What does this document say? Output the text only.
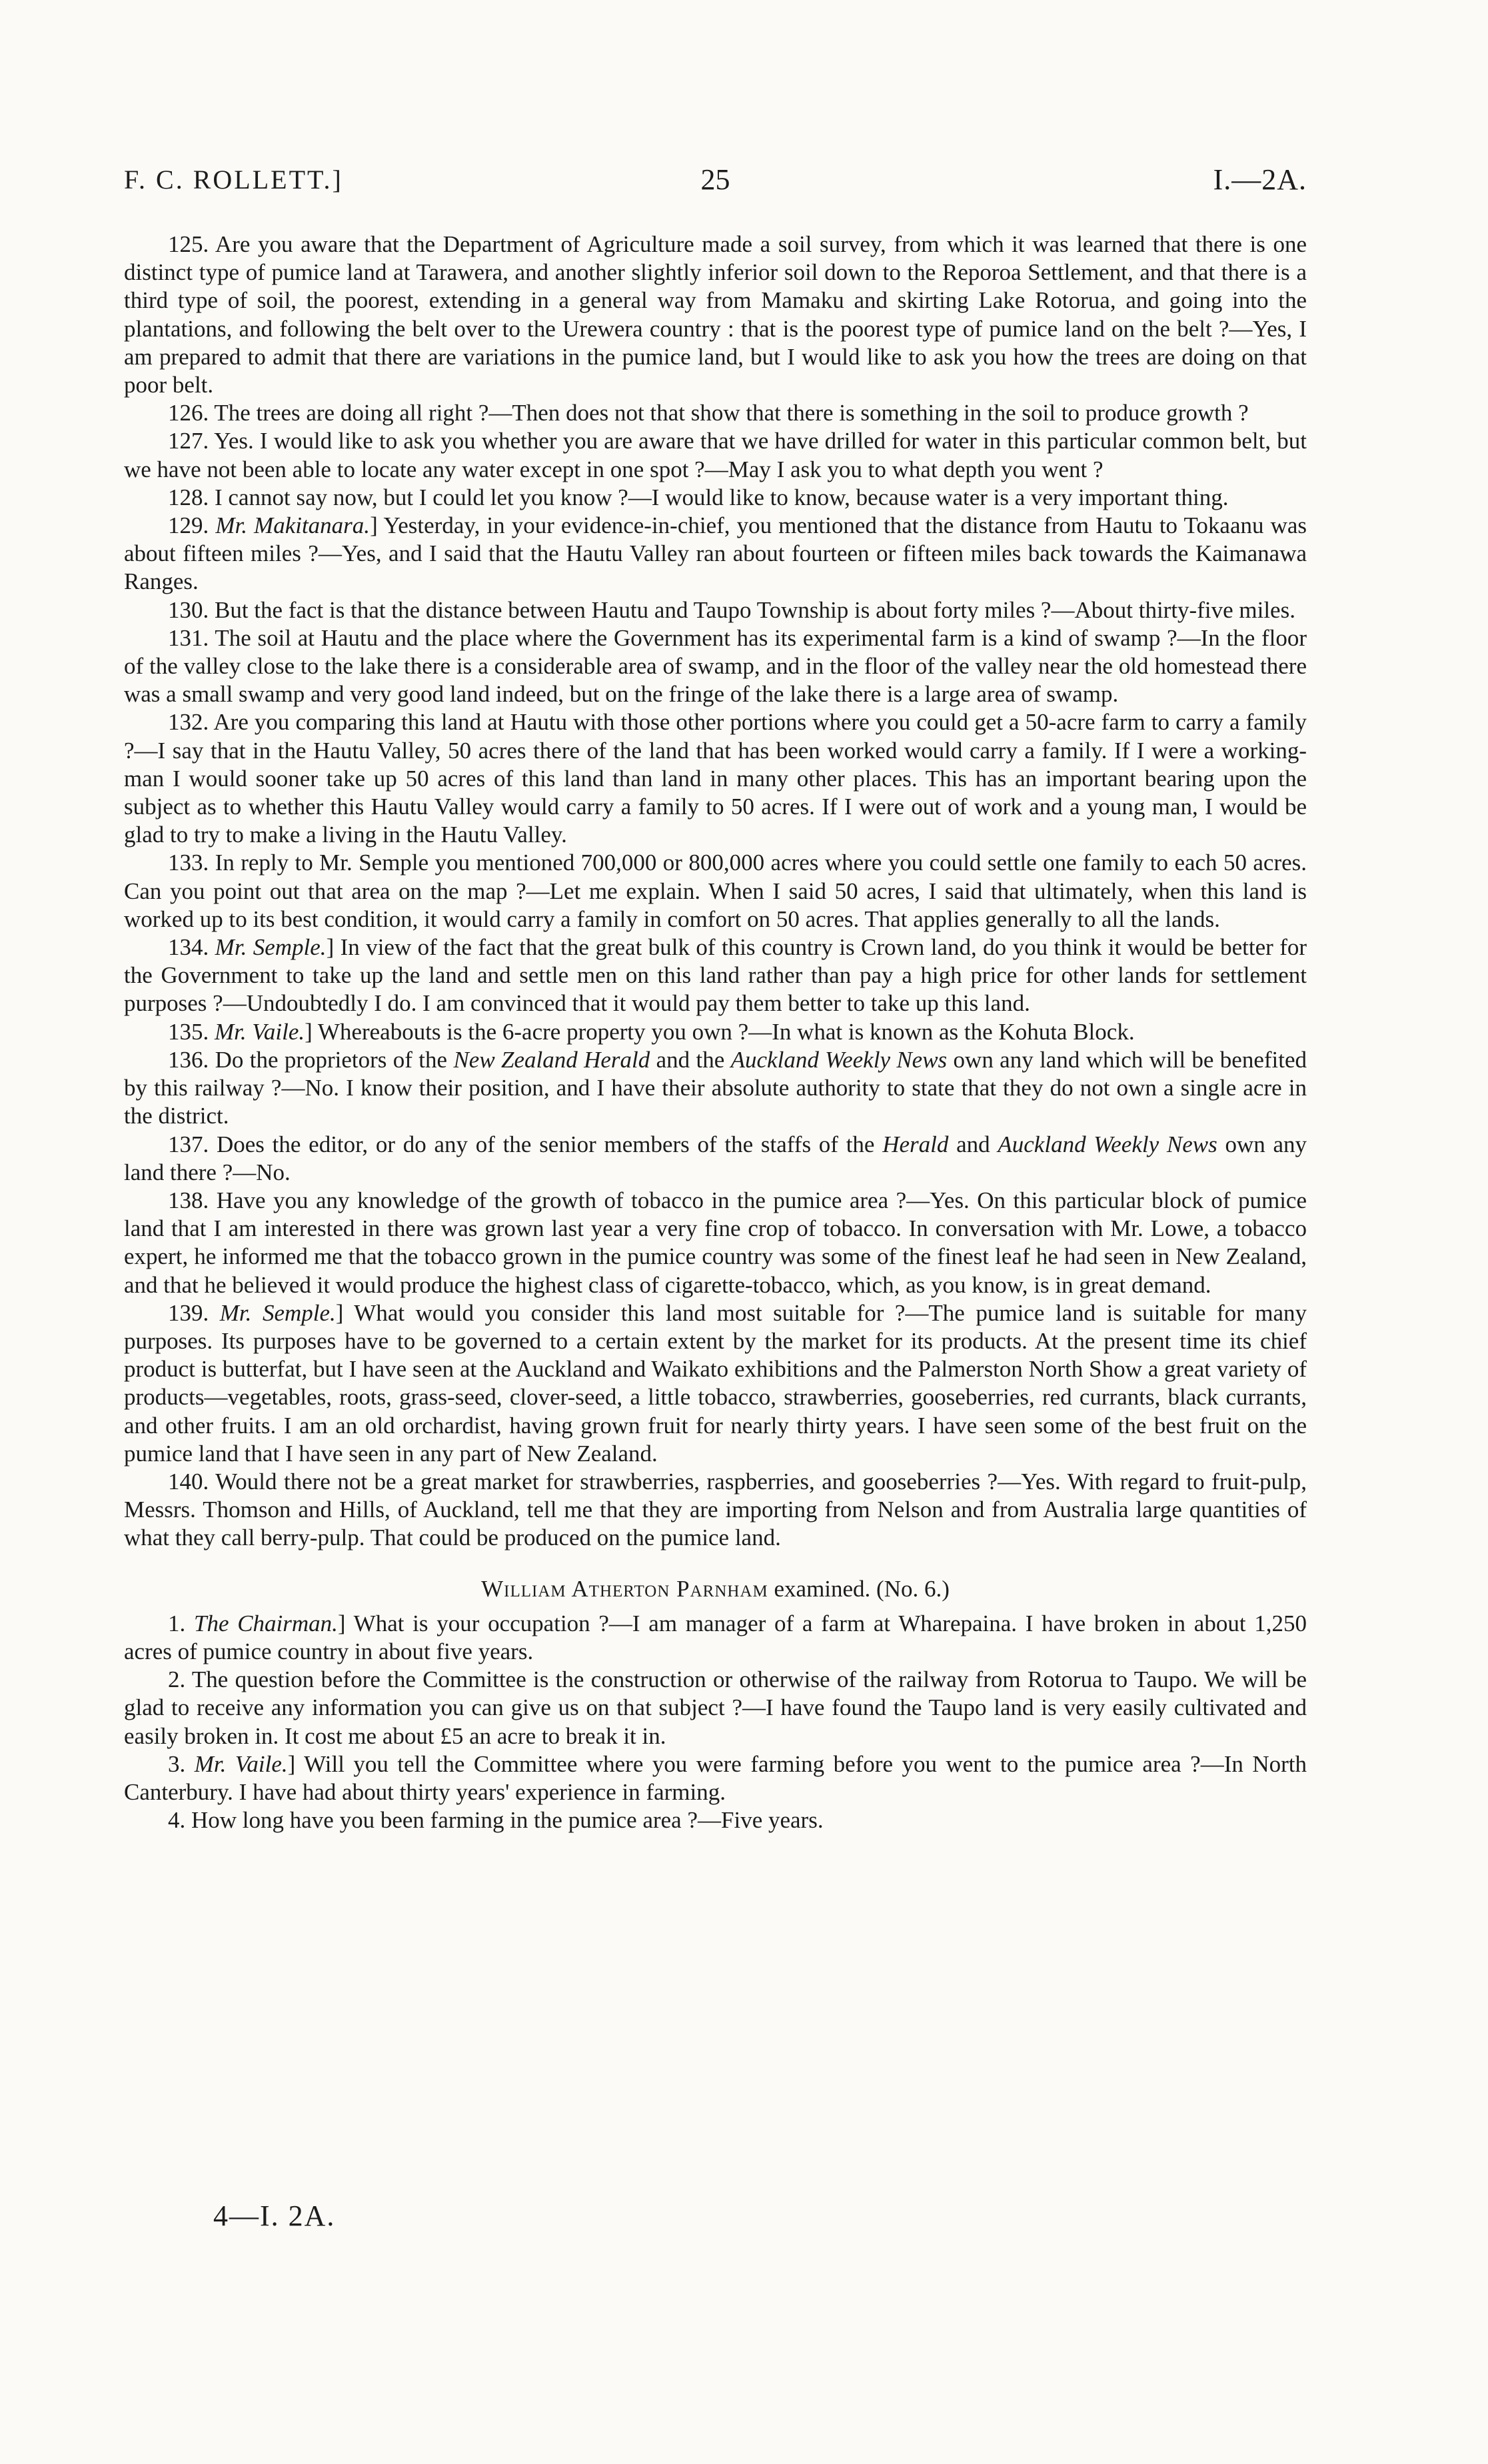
F. C. ROLLETT.]	25	I.—2A.

125. Are you aware that the Department of Agriculture made a soil survey, from which it was learned that there is one distinct type of pumice land at Tarawera, and another slightly inferior soil down to the Reporoa Settlement, and that there is a third type of soil, the poorest, extending in a general way from Mamaku and skirting Lake Rotorua, and going into the plantations, and following the belt over to the Urewera country : that is the poorest type of pumice land on the belt ?—Yes, I am prepared to admit that there are variations in the pumice land, but I would like to ask you how the trees are doing on that poor belt.

126. The trees are doing all right ?—Then does not that show that there is something in the soil to produce growth ?

127. Yes. I would like to ask you whether you are aware that we have drilled for water in this particular common belt, but we have not been able to locate any water except in one spot ?—May I ask you to what depth you went ?

128. I cannot say now, but I could let you know ?—I would like to know, because water is a very important thing.

129. Mr. Makitanara.] Yesterday, in your evidence-in-chief, you mentioned that the distance from Hautu to Tokaanu was about fifteen miles ?—Yes, and I said that the Hautu Valley ran about fourteen or fifteen miles back towards the Kaimanawa Ranges.

130. But the fact is that the distance between Hautu and Taupo Township is about forty miles ?—About thirty-five miles.

131. The soil at Hautu and the place where the Government has its experimental farm is a kind of swamp ?—In the floor of the valley close to the lake there is a considerable area of swamp, and in the floor of the valley near the old homestead there was a small swamp and very good land indeed, but on the fringe of the lake there is a large area of swamp.

132. Are you comparing this land at Hautu with those other portions where you could get a 50-acre farm to carry a family ?—I say that in the Hautu Valley, 50 acres there of the land that has been worked would carry a family. If I were a working-man I would sooner take up 50 acres of this land than land in many other places. This has an important bearing upon the subject as to whether this Hautu Valley would carry a family to 50 acres. If I were out of work and a young man, I would be glad to try to make a living in the Hautu Valley.

133. In reply to Mr. Semple you mentioned 700,000 or 800,000 acres where you could settle one family to each 50 acres. Can you point out that area on the map ?—Let me explain. When I said 50 acres, I said that ultimately, when this land is worked up to its best condition, it would carry a family in comfort on 50 acres. That applies generally to all the lands.

134. Mr. Semple.] In view of the fact that the great bulk of this country is Crown land, do you think it would be better for the Government to take up the land and settle men on this land rather than pay a high price for other lands for settlement purposes ?—Undoubtedly I do. I am convinced that it would pay them better to take up this land.

135. Mr. Vaile.] Whereabouts is the 6-acre property you own ?—In what is known as the Kohuta Block.

136. Do the proprietors of the New Zealand Herald and the Auckland Weekly News own any land which will be benefited by this railway ?—No. I know their position, and I have their absolute authority to state that they do not own a single acre in the district.

137. Does the editor, or do any of the senior members of the staffs of the Herald and Auckland Weekly News own any land there ?—No.

138. Have you any knowledge of the growth of tobacco in the pumice area ?—Yes. On this particular block of pumice land that I am interested in there was grown last year a very fine crop of tobacco. In conversation with Mr. Lowe, a tobacco expert, he informed me that the tobacco grown in the pumice country was some of the finest leaf he had seen in New Zealand, and that he believed it would produce the highest class of cigarette-tobacco, which, as you know, is in great demand.

139. Mr. Semple.] What would you consider this land most suitable for ?—The pumice land is suitable for many purposes. Its purposes have to be governed to a certain extent by the market for its products. At the present time its chief product is butterfat, but I have seen at the Auckland and Waikato exhibitions and the Palmerston North Show a great variety of products—vegetables, roots, grass-seed, clover-seed, a little tobacco, strawberries, gooseberries, red currants, black currants, and other fruits. I am an old orchardist, having grown fruit for nearly thirty years. I have seen some of the best fruit on the pumice land that I have seen in any part of New Zealand.

140. Would there not be a great market for strawberries, raspberries, and gooseberries ?—Yes. With regard to fruit-pulp, Messrs. Thomson and Hills, of Auckland, tell me that they are importing from Nelson and from Australia large quantities of what they call berry-pulp. That could be produced on the pumice land.

William Atherton Parnham examined. (No. 6.)

1. The Chairman.] What is your occupation ?—I am manager of a farm at Wharepaina. I have broken in about 1,250 acres of pumice country in about five years.

2. The question before the Committee is the construction or otherwise of the railway from Rotorua to Taupo. We will be glad to receive any information you can give us on that subject ?—I have found the Taupo land is very easily cultivated and easily broken in. It cost me about £5 an acre to break it in.

3. Mr. Vaile.] Will you tell the Committee where you were farming before you went to the pumice area ?—In North Canterbury. I have had about thirty years' experience in farming.

4. How long have you been farming in the pumice area ?—Five years.

4—I. 2A.
